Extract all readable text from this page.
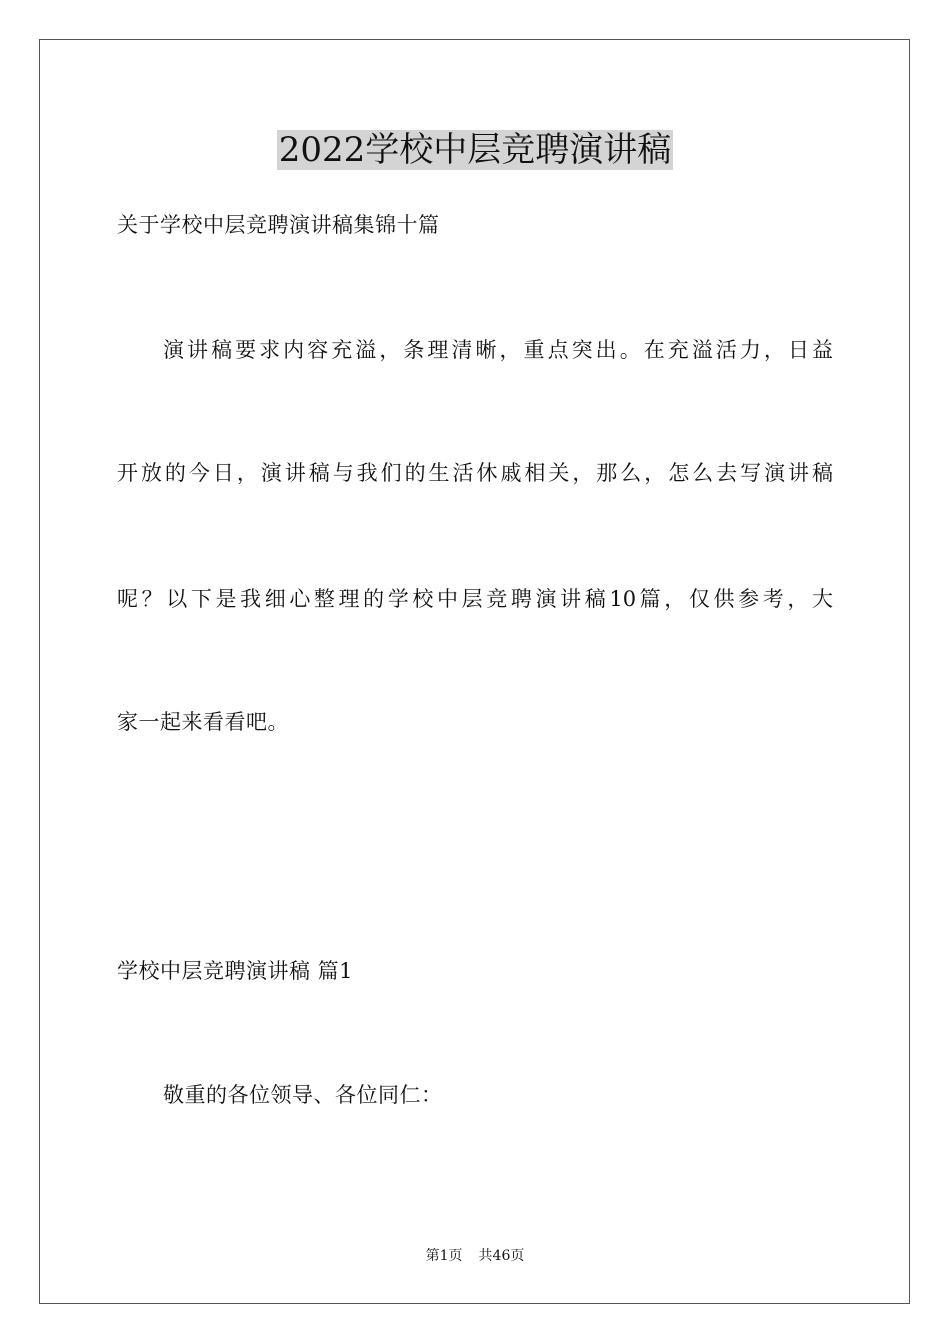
2022学校中层竞聘演讲稿
关于学校中层竞聘演讲稿集锦十篇
演讲稿要求内容充溢，条理清晰，重点突出。在充溢活力，日益
开放的今日，演讲稿与我们的生活休戚相关，那么，怎么去写演讲稿
呢？以下是我细心整理的学校中层竞聘演讲稿10篇，仅供参考，大
家一起来看看吧。
学校中层竞聘演讲稿 篇1
敬重的各位领导、各位同仁：
第1页 共46页
